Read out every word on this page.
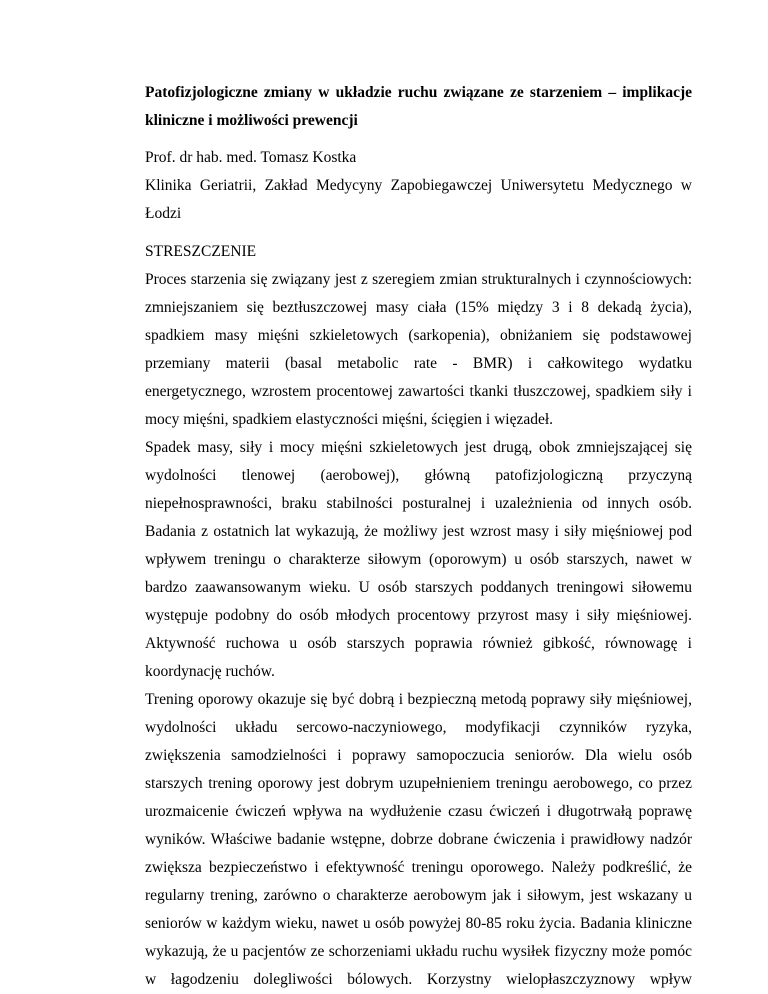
Patofizjologiczne zmiany w układzie ruchu związane ze starzeniem – implikacje
kliniczne i możliwości prewencji
Prof. dr hab. med. Tomasz Kostka
Klinika Geriatrii, Zakład Medycyny Zapobiegawczej Uniwersytetu Medycznego w
Łodzi
STRESZCZENIE
Proces starzenia się związany jest z szeregiem zmian strukturalnych i czynnościowych:
zmniejszaniem się beztłuszczowej masy ciała (15% między 3 i 8 dekadą życia),
spadkiem masy mięśni szkieletowych (sarkopenia), obniżaniem się podstawowej
przemiany materii (basal metabolic rate - BMR) i całkowitego wydatku
energetycznego, wzrostem procentowej zawartości tkanki tłuszczowej, spadkiem siły i
mocy mięśni, spadkiem elastyczności mięśni, ścięgien i więzadeł.
Spadek masy, siły i mocy mięśni szkieletowych jest drugą, obok zmniejszającej się
wydolności tlenowej (aerobowej), główną patofizjologiczną przyczyną
niepełnosprawności, braku stabilności posturalnej i uzależnienia od innych osób.
Badania z ostatnich lat wykazują, że możliwy jest wzrost masy i siły mięśniowej pod
wpływem treningu o charakterze siłowym (oporowym) u osób starszych, nawet w
bardzo zaawansowanym wieku. U osób starszych poddanych treningowi siłowemu
występuje podobny do osób młodych procentowy przyrost masy i siły mięśniowej.
Aktywność ruchowa u osób starszych poprawia również gibkość, równowagę i
koordynację ruchów.
Trening oporowy okazuje się być dobrą i bezpieczną metodą poprawy siły mięśniowej,
wydolności układu sercowo-naczyniowego, modyfikacji czynników ryzyka,
zwiększenia samodzielności i poprawy samopoczucia seniorów. Dla wielu osób
starszych trening oporowy jest dobrym uzupełnieniem treningu aerobowego, co przez
urozmaicenie ćwiczeń wpływa na wydłużenie czasu ćwiczeń i długotrwałą poprawę
wyników. Właściwe badanie wstępne, dobrze dobrane ćwiczenia i prawidłowy nadzór
zwiększa bezpieczeństwo i efektywność treningu oporowego. Należy podkreślić, że
regularny trening, zarówno o charakterze aerobowym jak i siłowym, jest wskazany u
seniorów w każdym wieku, nawet u osób powyżej 80-85 roku życia. Badania kliniczne
wykazują, że u pacjentów ze schorzeniami układu ruchu wysiłek fizyczny może pomóc
w łagodzeniu dolegliwości bólowych. Korzystny wielopłaszczyznowy wpływ
